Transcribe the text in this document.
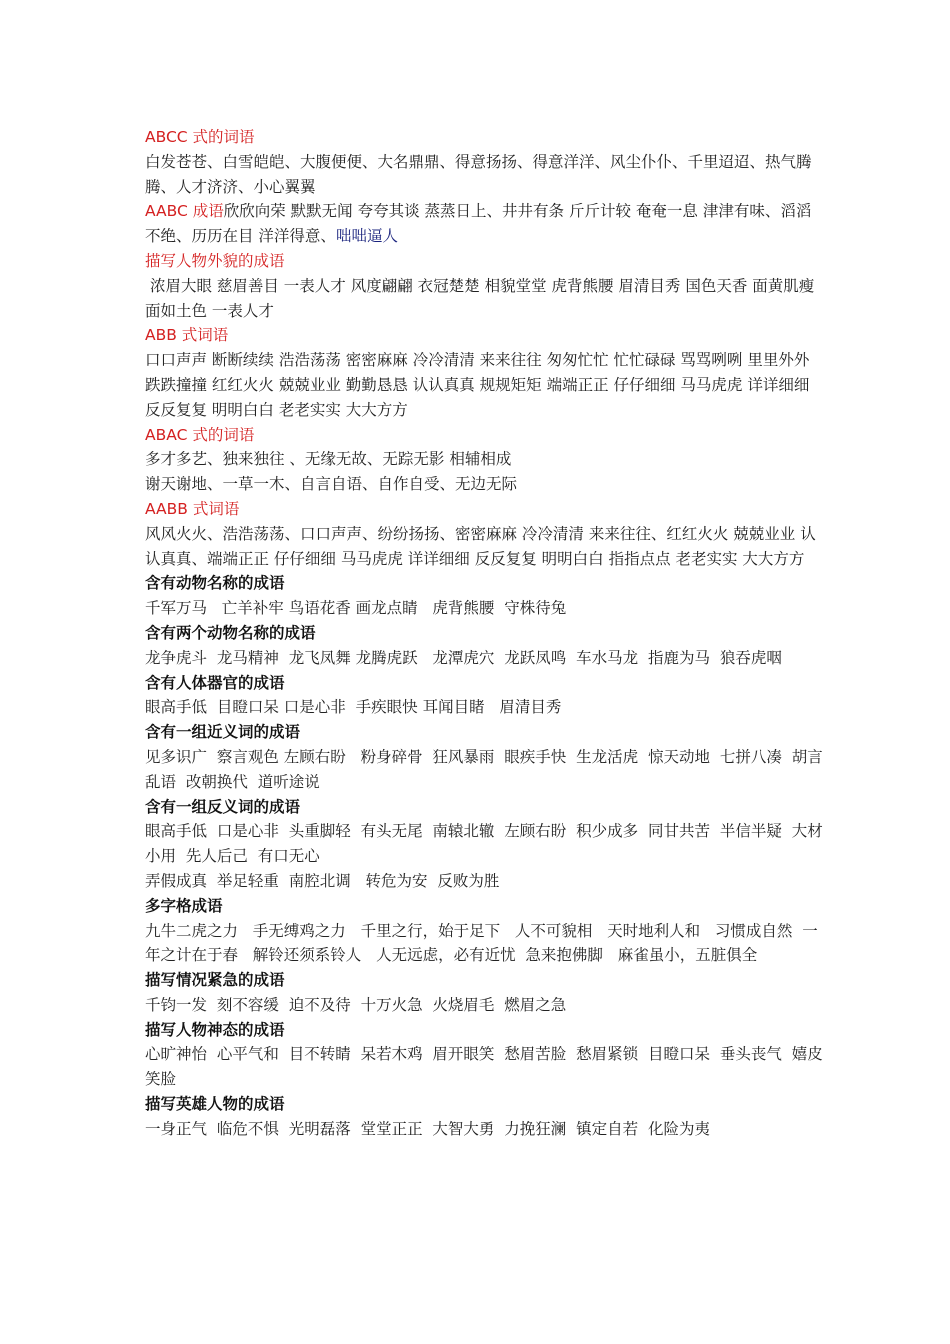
ABCC 式的词语

白发苍苍、白雪皑皑、大腹便便、大名鼎鼎、得意扬扬、得意洋洋、风尘仆仆、千里迢迢、热气腾腾、人才济济、小心翼翼

AABC 成语欣欣向荣 默默无闻 夸夸其谈 蒸蒸日上、井井有条 斤斤计较 奄奄一息 津津有味、滔滔不绝、历历在目 洋洋得意、咄咄逼人

描写人物外貌的成语

浓眉大眼 慈眉善目 一表人才 风度翩翩 衣冠楚楚 相貌堂堂 虎背熊腰 眉清目秀 国色天香 面黄肌瘦 面如土色 一表人才

ABB 式词语

口口声声 断断续续 浩浩荡荡 密密麻麻 冷冷清清 来来往往 匆匆忙忙 忙忙碌碌 骂骂咧咧 里里外外 跌跌撞撞 红红火火 兢兢业业 勤勤恳恳 认认真真 规规矩矩 端端正正 仔仔细细 马马虎虎 详详细细 反反复复 明明白白 老老实实 大大方方

ABAC 式的词语

多才多艺、独来独往 、无缘无故、无踪无影 相辅相成

谢天谢地、一草一木、自言自语、自作自受、无边无际

AABB 式词语

风风火火、浩浩荡荡、口口声声、纷纷扬扬、密密麻麻 冷冷清清 来来往往、红红火火 兢兢业业 认认真真、端端正正 仔仔细细 马马虎虎 详详细细 反反复复 明明白白 指指点点 老老实实 大大方方

含有动物名称的成语

千军万马   亡羊补牢 鸟语花香 画龙点睛   虎背熊腰  守株待兔

含有两个动物名称的成语

龙争虎斗  龙马精神  龙飞凤舞 龙腾虎跃   龙潭虎穴  龙跃凤鸣  车水马龙  指鹿为马  狼吞虎咽

含有人体器官的成语

眼高手低  目瞪口呆 口是心非  手疾眼快 耳闻目睹   眉清目秀

含有一组近义词的成语

见多识广  察言观色 左顾右盼   粉身碎骨  狂风暴雨  眼疾手快  生龙活虎  惊天动地  七拼八凑  胡言乱语  改朝换代  道听途说

含有一组反义词的成语

眼高手低  口是心非  头重脚轻  有头无尾  南辕北辙  左顾右盼  积少成多  同甘共苦  半信半疑  大材小用  先人后己  有口无心

弄假成真  举足轻重  南腔北调   转危为安  反败为胜

多字格成语

九牛二虎之力   手无缚鸡之力   千里之行，始于足下   人不可貌相   天时地利人和   习惯成自然  一年之计在于春   解铃还须系铃人   人无远虑，必有近忧  急来抱佛脚   麻雀虽小，五脏俱全

描写情况紧急的成语

千钧一发  刻不容缓  迫不及待  十万火急  火烧眉毛  燃眉之急

描写人物神态的成语

心旷神怡  心平气和  目不转睛  呆若木鸡  眉开眼笑  愁眉苦脸  愁眉紧锁  目瞪口呆  垂头丧气  嬉皮笑脸

描写英雄人物的成语

一身正气  临危不惧  光明磊落  堂堂正正  大智大勇  力挽狂澜  镇定自若  化险为夷
